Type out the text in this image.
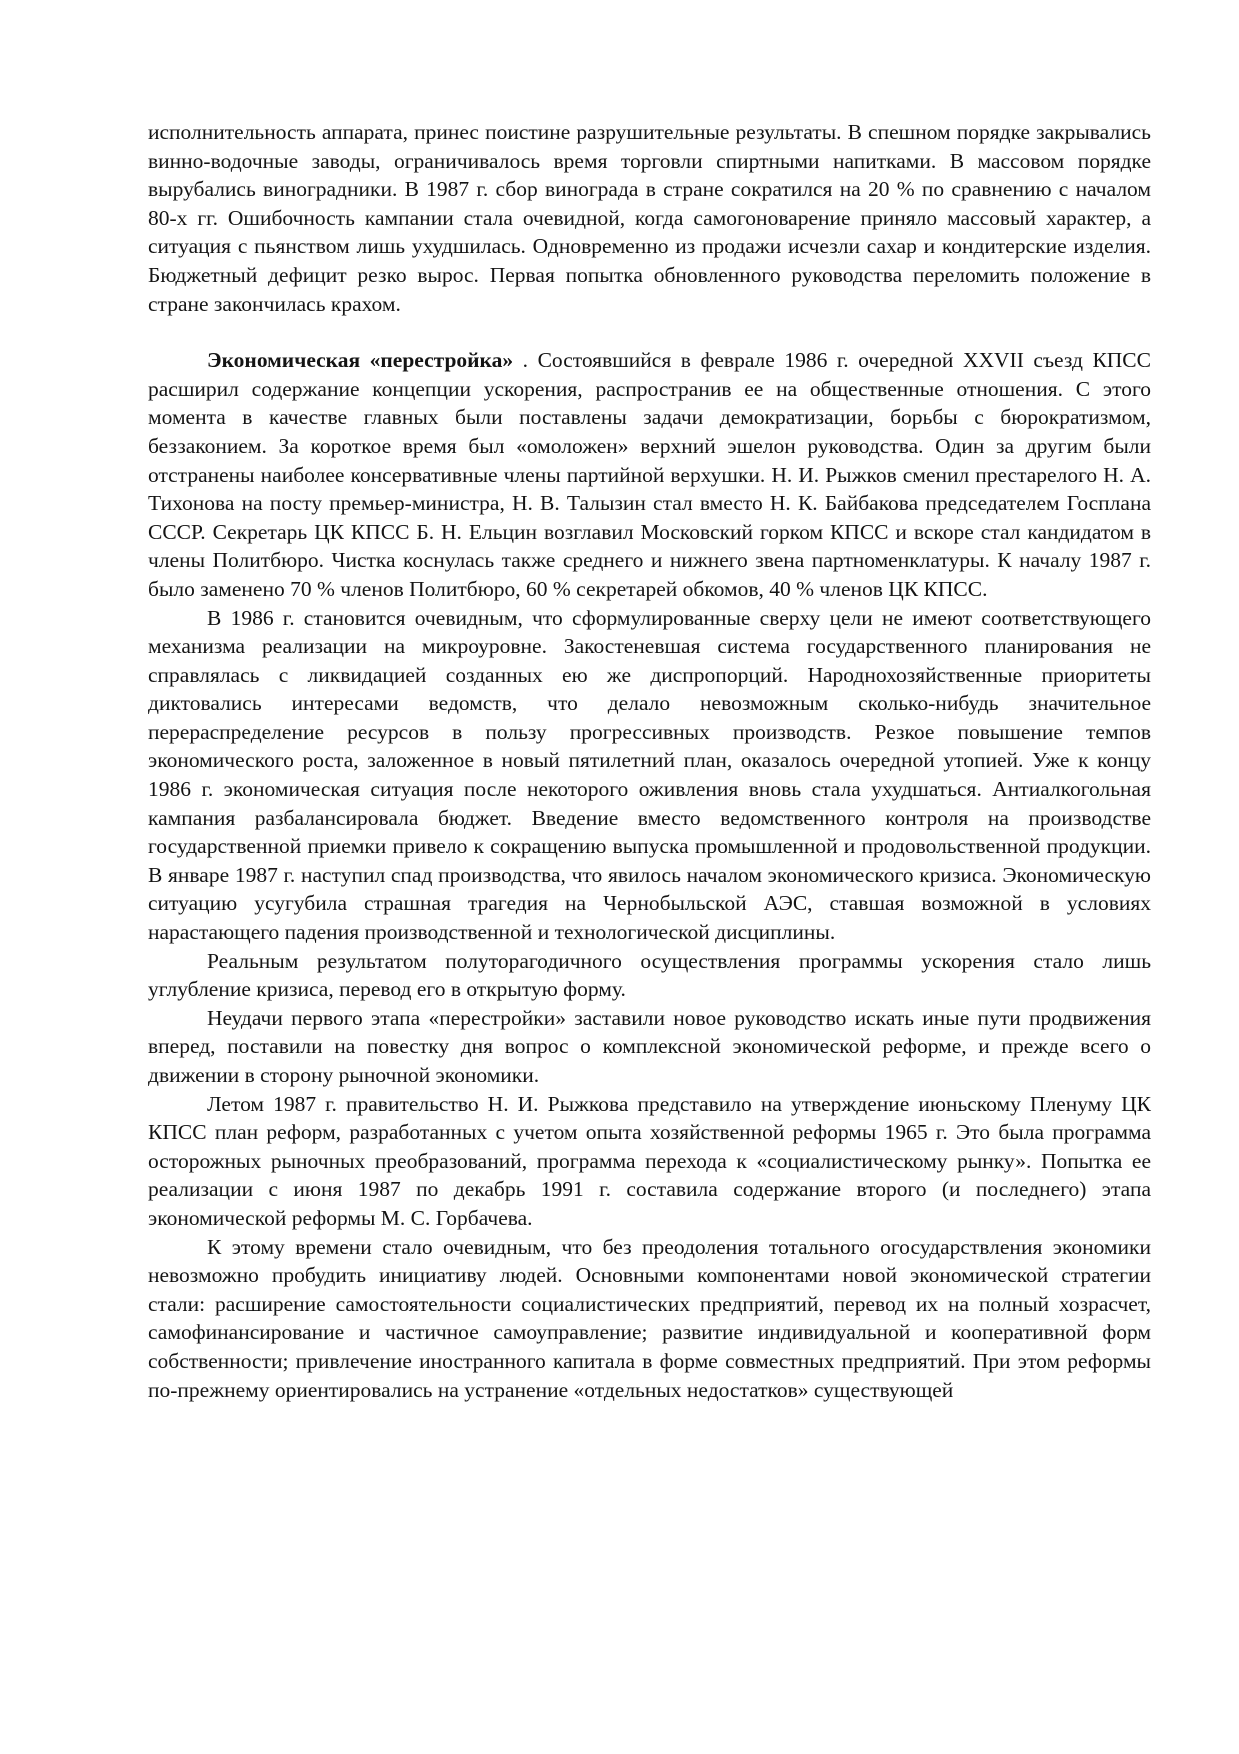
исполнительность аппарата, принес поистине разрушительные результаты. В спешном порядке закрывались винно-водочные заводы, ограничивалось время торговли спиртными напитками. В массовом порядке вырубались виноградники. В 1987 г. сбор винограда в стране сократился на 20 % по сравнению с началом 80-х гг. Ошибочность кампании стала очевидной, когда самогоноварение приняло массовый характер, а ситуация с пьянством лишь ухудшилась. Одновременно из продажи исчезли сахар и кондитерские изделия. Бюджетный дефицит резко вырос. Первая попытка обновленного руководства переломить положение в стране закончилась крахом.

Экономическая «перестройка» . Состоявшийся в феврале 1986 г. очередной XXVII съезд КПСС расширил содержание концепции ускорения, распространив ее на общественные отношения. С этого момента в качестве главных были поставлены задачи демократизации, борьбы с бюрократизмом, беззаконием. За короткое время был «омоложен» верхний эшелон руководства. Один за другим были отстранены наиболее консервативные члены партийной верхушки. Н. И. Рыжков сменил престарелого Н. А. Тихонова на посту премьер-министра, Н. В. Талызин стал вместо Н. К. Байбакова председателем Госплана СССР. Секретарь ЦК КПСС Б. Н. Ельцин возглавил Московский горком КПСС и вскоре стал кандидатом в члены Политбюро. Чистка коснулась также среднего и нижнего звена партноменклатуры. К началу 1987 г. было заменено 70 % членов Политбюро, 60 % секретарей обкомов, 40 % членов ЦК КПСС.

В 1986 г. становится очевидным, что сформулированные сверху цели не имеют соответствующего механизма реализации на микроуровне. Закостеневшая система государственного планирования не справлялась с ликвидацией созданных ею же диспропорций. Народнохозяйственные приоритеты диктовались интересами ведомств, что делало невозможным сколько-нибудь значительное перераспределение ресурсов в пользу прогрессивных производств. Резкое повышение темпов экономического роста, заложенное в новый пятилетний план, оказалось очередной утопией. Уже к концу 1986 г. экономическая ситуация после некоторого оживления вновь стала ухудшаться. Антиалкогольная кампания разбалансировала бюджет. Введение вместо ведомственного контроля на производстве государственной приемки привело к сокращению выпуска промышленной и продовольственной продукции. В январе 1987 г. наступил спад производства, что явилось началом экономического кризиса. Экономическую ситуацию усугубила страшная трагедия на Чернобыльской АЭС, ставшая возможной в условиях нарастающего падения производственной и технологической дисциплины.

Реальным результатом полуторагодичного осуществления программы ускорения стало лишь углубление кризиса, перевод его в открытую форму.

Неудачи первого этапа «перестройки» заставили новое руководство искать иные пути продвижения вперед, поставили на повестку дня вопрос о комплексной экономической реформе, и прежде всего о движении в сторону рыночной экономики.

Летом 1987 г. правительство Н. И. Рыжкова представило на утверждение июньскому Пленуму ЦК КПСС план реформ, разработанных с учетом опыта хозяйственной реформы 1965 г. Это была программа осторожных рыночных преобразований, программа перехода к «социалистическому рынку». Попытка ее реализации с июня 1987 по декабрь 1991 г. составила содержание второго (и последнего) этапа экономической реформы М. С. Горбачева.

К этому времени стало очевидным, что без преодоления тотального огосударствления экономики невозможно пробудить инициативу людей. Основными компонентами новой экономической стратегии стали: расширение самостоятельности социалистических предприятий, перевод их на полный хозрасчет, самофинансирование и частичное самоуправление; развитие индивидуальной и кооперативной форм собственности; привлечение иностранного капитала в форме совместных предприятий. При этом реформы по-прежнему ориентировались на устранение «отдельных недостатков» существующей
